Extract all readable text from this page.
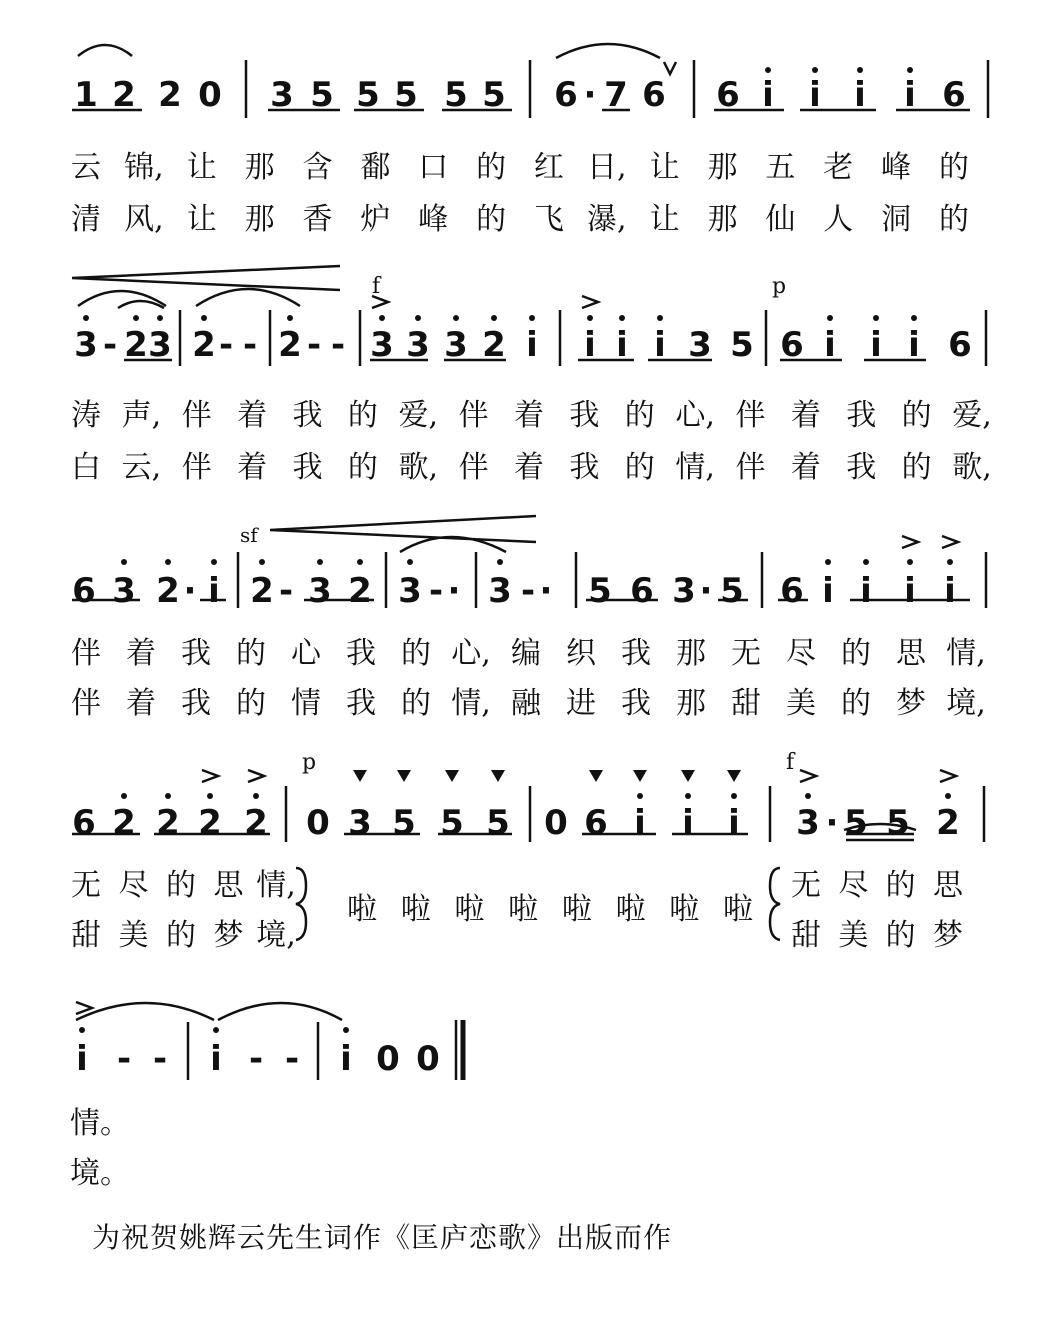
1 2 2 0 3 5 5 5 5 5 6 · 7 6 6 i i i i 6
云 锦, 让 那 含 鄱 口 的 红 日, 让 那 五 老 峰 的
清 风, 让 那 香 炉 峰 的 飞 瀑, 让 那 仙 人 洞 的
3 - 2 3 2 - - 2 - - 3 3 3 2 i i i i 3 5 6 i i i 6
f	p
涛 声, 伴 着 我 的 爱, 伴 着 我 的 心, 伴 着 我 的 爱,
白 云, 伴 着 我 的 歌, 伴 着 我 的 情, 伴 着 我 的 歌,
6 3 2 · i 2 - 3 2 3 - · 3 - · 5 6 3 · 5 6 i i i i
sf
伴 着 我 的 心 我 的 心, 编 织 我 那 无 尽 的 思 情,
伴 着 我 的 情 我 的 情, 融 进 我 那 甜 美 的 梦 境,
6 2 2 2 2 0 3 5 5 5 0 6 i i i 3 · 5 5 2
p	f
无 尽 的 思 情,
甜 美 的 梦 境,
啦 啦 啦 啦 啦 啦 啦 啦
无 尽 的 思
甜 美 的 梦
i - - i - - i 0 0
情。
境。
为祝贺姚辉云先生词作《匡庐恋歌》出版而作
